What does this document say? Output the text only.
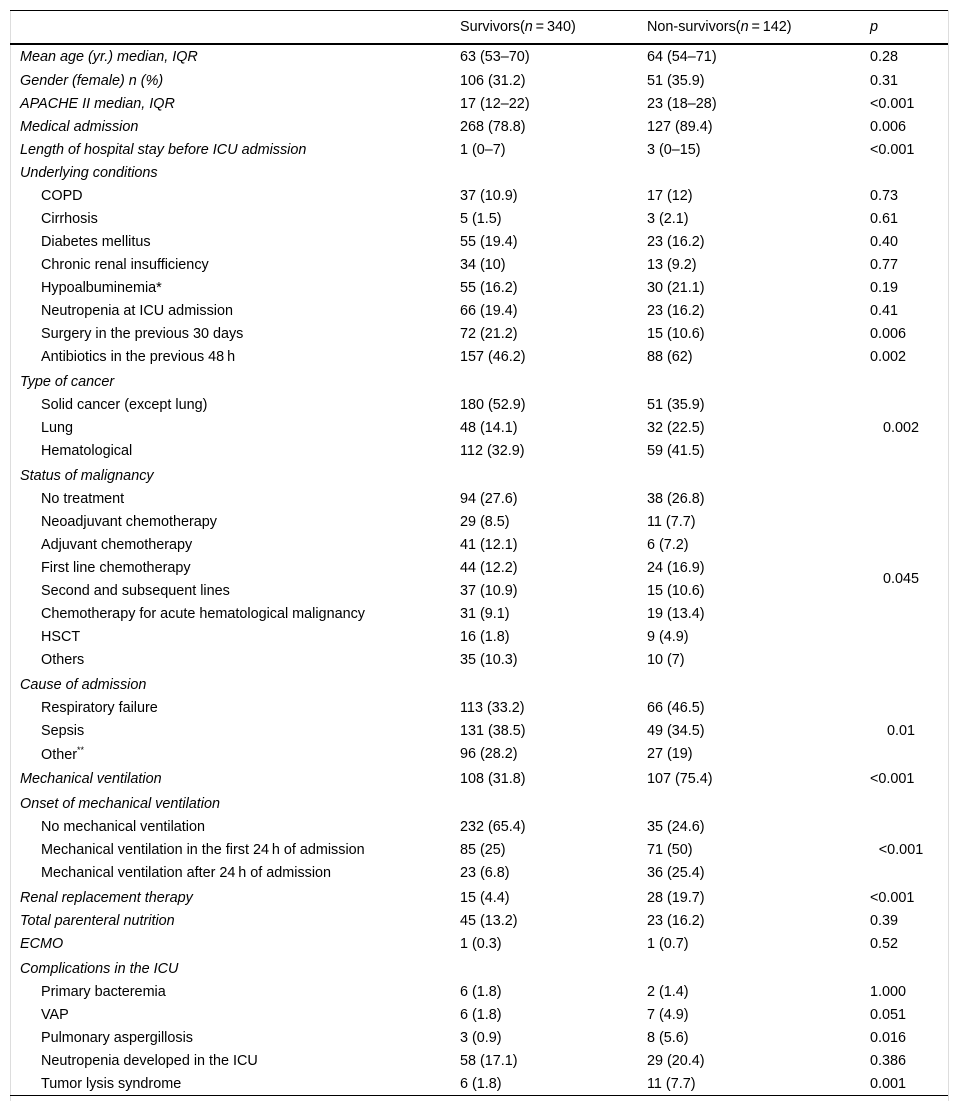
	Survivors(n = 340)	Non-survivors(n = 142)	p
Mean age (yr.) median, IQR	63 (53–70)	64 (54–71)	0.28
Gender (female) n (%)	106 (31.2)	51 (35.9)	0.31
APACHE II median, IQR	17 (12–22)	23 (18–28)	<0.001
Medical admission	268 (78.8)	127 (89.4)	0.006
Length of hospital stay before ICU admission	1 (0–7)	3 (0–15)	<0.001
Underlying conditions			
COPD	37 (10.9)	17 (12)	0.73
Cirrhosis	5 (1.5)	3 (2.1)	0.61
Diabetes mellitus	55 (19.4)	23 (16.2)	0.40
Chronic renal insufficiency	34 (10)	13 (9.2)	0.77
Hypoalbuminemia*	55 (16.2)	30 (21.1)	0.19
Neutropenia at ICU admission	66 (19.4)	23 (16.2)	0.41
Surgery in the previous 30 days	72 (21.2)	15 (10.6)	0.006
Antibiotics in the previous 48 h	157 (46.2)	88 (62)	0.002

Type of cancer			
Solid cancer (except lung)	180 (52.9)	51 (35.9)	0.002
Lung	48 (14.1)	32 (22.5)	
Hematological	112 (32.9)	59 (41.5)	

Status of malignancy			
No treatment	94 (27.6)	38 (26.8)	0.045
Neoadjuvant chemotherapy	29 (8.5)	11 (7.7)	
Adjuvant chemotherapy	41 (12.1)	6 (7.2)	
First line chemotherapy	44 (12.2)	24 (16.9)	
Second and subsequent lines	37 (10.9)	15 (10.6)	
Chemotherapy for acute hematological malignancy	31 (9.1)	19 (13.4)	
HSCT	16 (1.8)	9 (4.9)	
Others	35 (10.3)	10 (7)	

Cause of admission			
Respiratory failure	113 (33.2)	66 (46.5)	0.01
Sepsis	131 (38.5)	49 (34.5)	
Other**	96 (28.2)	27 (19)	

Mechanical ventilation	108 (31.8)	107 (75.4)	<0.001

Onset of mechanical ventilation			
No mechanical ventilation	232 (65.4)	35 (24.6)	<0.001
Mechanical ventilation in the first 24 h of admission	85 (25)	71 (50)	
Mechanical ventilation after 24 h of admission	23 (6.8)	36 (25.4)	

Renal replacement therapy	15 (4.4)	28 (19.7)	<0.001
Total parenteral nutrition	45 (13.2)	23 (16.2)	0.39
ECMO	1 (0.3)	1 (0.7)	0.52

Complications in the ICU			
Primary bacteremia	6 (1.8)	2 (1.4)	1.000
VAP	6 (1.8)	7 (4.9)	0.051
Pulmonary aspergillosis	3 (0.9)	8 (5.6)	0.016
Neutropenia developed in the ICU	58 (17.1)	29 (20.4)	0.386
Tumor lysis syndrome	6 (1.8)	11 (7.7)	0.001
